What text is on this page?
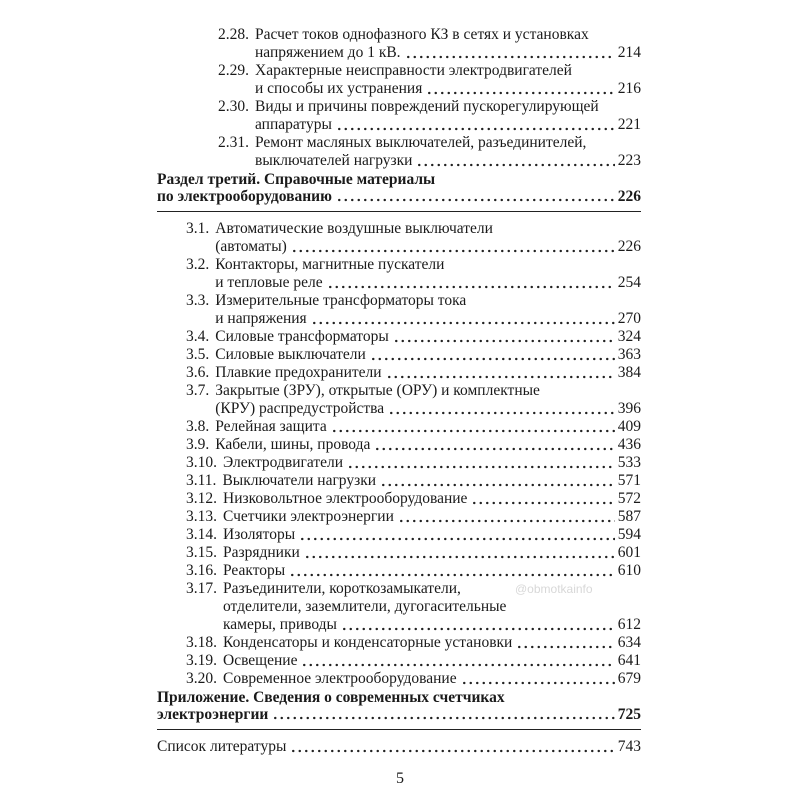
2.28. Расчет токов однофазного КЗ в сетях и установках
напряжением до 1 кВ.	214
2.29. Характерные неисправности электродвигателей
и способы их устранения	216
2.30. Виды и причины повреждений пускорегулирующей
аппаратуры	221
2.31. Ремонт масляных выключателей, разъединителей,
выключателей нагрузки	223
Раздел третий. Справочные материалы
по электрооборудованию	226
3.1. Автоматические воздушные выключатели
(автоматы)	226
3.2. Контакторы, магнитные пускатели
и тепловые реле	254
3.3. Измерительные трансформаторы тока
и напряжения	270
3.4. Силовые трансформаторы	324
3.5. Силовые выключатели	363
3.6. Плавкие предохранители	384
3.7. Закрытые (ЗРУ), открытые (ОРУ) и комплектные
(КРУ) распредустройства	396
3.8. Релейная защита	409
3.9. Кабели, шины, провода	436
3.10. Электродвигатели	533
3.11. Выключатели нагрузки	571
3.12. Низковольтное электрооборудование	572
3.13. Счетчики электроэнергии	587
3.14. Изоляторы	594
3.15. Разрядники	601
3.16. Реакторы	610
3.17. Разъединители, короткозамыкатели,
отделители, заземлители, дугогасительные
камеры, приводы	612
3.18. Конденсаторы и конденсаторные установки	634
3.19. Освещение	641
3.20. Современное электрооборудование	679
Приложение. Сведения о современных счетчиках
электроэнергии	725
Список литературы	743
5
@obmotkainfo
